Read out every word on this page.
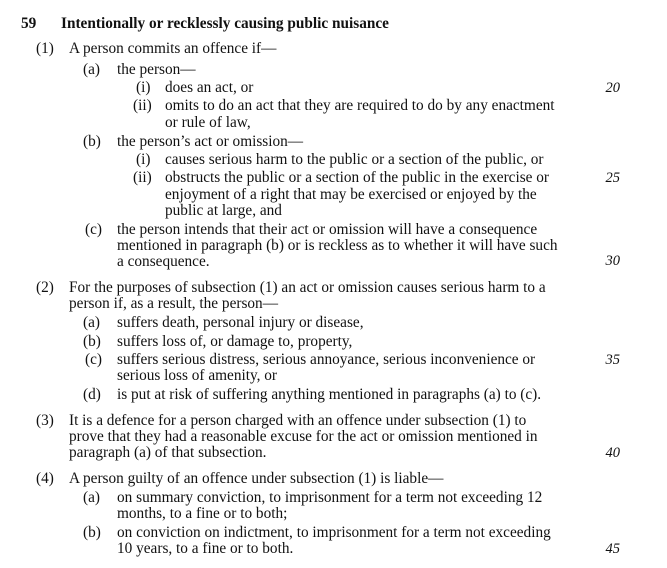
59 Intentionally or recklessly causing public nuisance
20
25
30
35
40
45
(1) A person commits an offence if—
(a) the person—
(i) does an act, or
(ii) omits to do an act that they are required to do by any enactment
or rule of law,
(b) the person’s act or omission—
(i) causes serious harm to the public or a section of the public, or
(ii) obstructs the public or a section of the public in the exercise or
enjoyment of a right that may be exercised or enjoyed by the
public at large, and
(c) the person intends that their act or omission will have a consequence
mentioned in paragraph (b) or is reckless as to whether it will have such
a consequence.
(2) For the purposes of subsection (1) an act or omission causes serious harm to a
person if, as a result, the person—
(a) suffers death, personal injury or disease,
(b) suffers loss of, or damage to, property,
(c) suffers serious distress, serious annoyance, serious inconvenience or
serious loss of amenity, or
(d) is put at risk of suffering anything mentioned in paragraphs (a) to (c).
(3) It is a defence for a person charged with an offence under subsection (1) to
prove that they had a reasonable excuse for the act or omission mentioned in
paragraph (a) of that subsection.
(4) A person guilty of an offence under subsection (1) is liable—
(a) on summary conviction, to imprisonment for a term not exceeding 12
months, to a fine or to both;
(b) on conviction on indictment, to imprisonment for a term not exceeding
10 years, to a fine or to both.
